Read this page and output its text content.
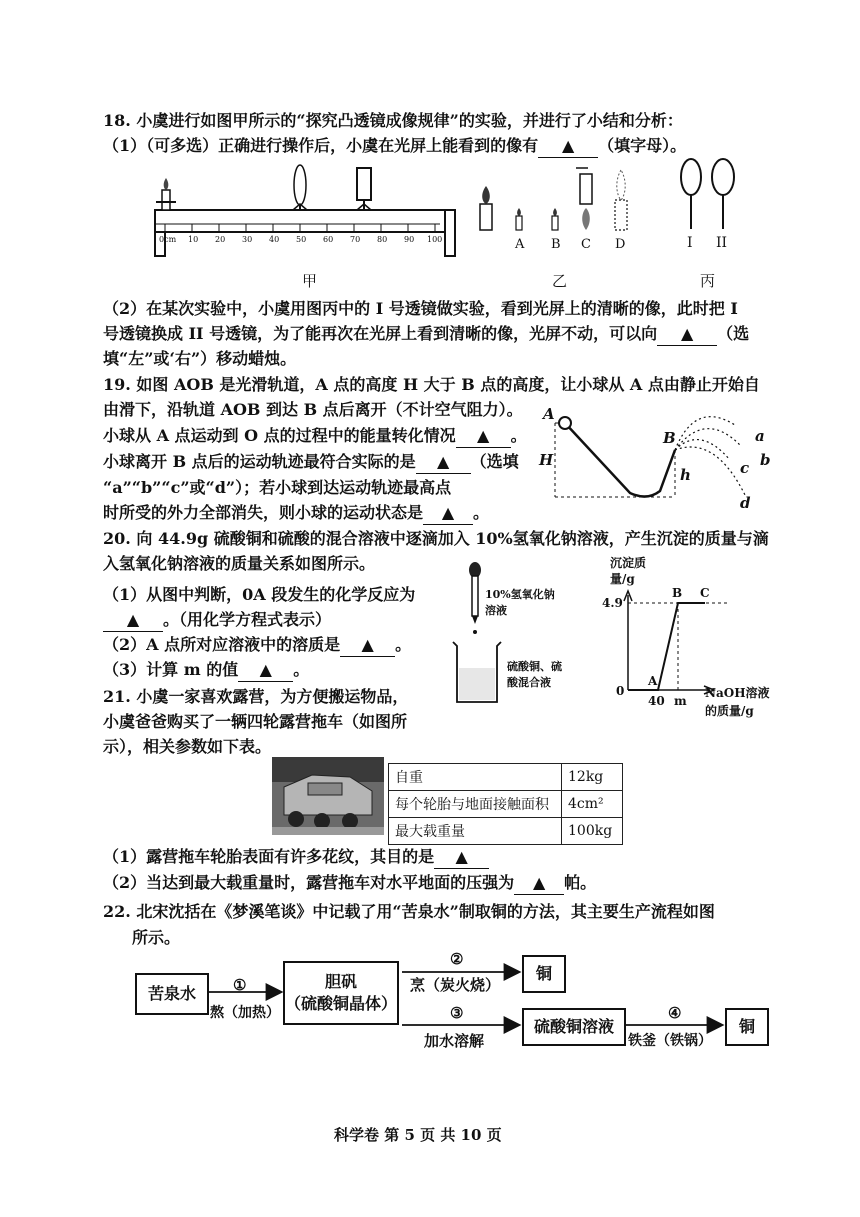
18. 小虞进行如图甲所示的“探究凸透镜成像规律”的实验，并进行了小结和分析：
（1）（可多选）正确进行操作后，小虞在光屏上能看到的像有 ▲ （填字母）。
0cm 10 20 30 40 50 60 70 80 90 100	A B C D	I II
甲	乙	丙
（2）在某次实验中，小虞用图丙中的 I 号透镜做实验，看到光屏上的清晰的像，此时把 I
号透镜换成 II 号透镜，为了能再次在光屏上看到清晰的像，光屏不动，可以向 ▲ （选
填“左”或‘右”）移动蜡烛。
19. 如图 AOB 是光滑轨道，A 点的高度 H 大于 B 点的高度，让小球从 A 点由静止开始自
由滑下，沿轨道 AOB 到达 B 点后离开（不计空气阻力）。
小球从 A 点运动到 O 点的过程中的能量转化情况 ▲ 。
小球离开 B 点后的运动轨迹最符合实际的是 ▲ （选填
“a”“b”“c”或“d”）；若小球到达运动轨迹最高点
时所受的外力全部消失，则小球的运动状态是 ▲ 。
A
B
H
h
a
b
c
d
20. 向 44.9g 硫酸铜和硫酸的混合溶液中逐滴加入 10%氢氧化钠溶液，产生沉淀的质量与滴
入氢氧化钠溶液的质量关系如图所示。
（1）从图中判断，0A 段发生的化学反应为
▲ 。（用化学方程式表示）
（2）A 点所对应溶液中的溶质是 ▲ 。
（3）计算 m 的值 ▲ 。
10%氢氧化钠
溶液
硫酸铜、硫
酸混合液
沉淀质
量/g
4.9
0
40 m
A
B C
NaOH溶液
的质量/g
21. 小虞一家喜欢露营，为方便搬运物品，
小虞爸爸购买了一辆四轮露营拖车（如图所
示），相关参数如下表。
自重	12kg
每个轮胎与地面接触面积	4cm²
最大载重量	100kg
（1）露营拖车轮胎表面有许多花纹，其目的是 ▲
（2）当达到最大载重量时，露营拖车对水平地面的压强为 ▲ 帕。
22. 北宋沈括在《梦溪笔谈》中记载了用“苦泉水”制取铜的方法，其主要生产流程如图
所示。
苦泉水
胆矾
（硫酸铜晶体）
铜
硫酸铜溶液	铜
①
熬（加热）
②
烹（炭火烧）
③
加水溶解
④
铁釜（铁锅）
科学卷 第 5 页 共 10 页
